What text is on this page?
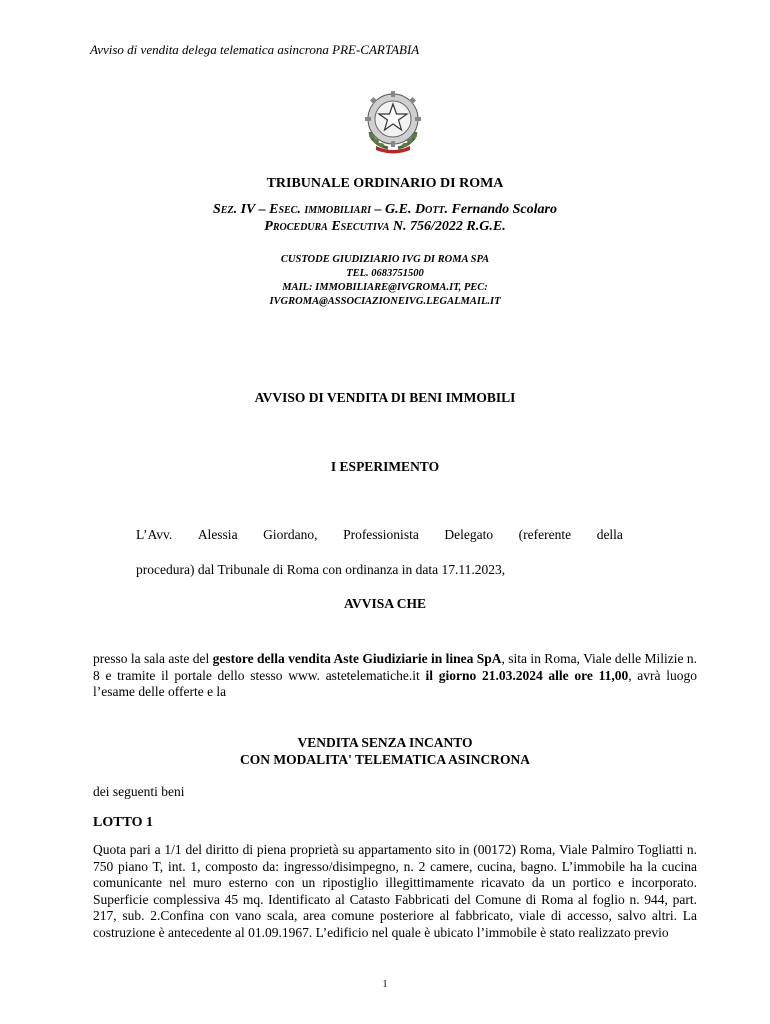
Avviso di vendita delega telematica asincrona PRE-CARTABIA
TRIBUNALE ORDINARIO DI ROMA
Sez. IV – Esec. immobiliari – G.E. Dott. Fernando Scolaro
Procedura Esecutiva N. 756/2022 R.G.E.
CUSTODE GIUDIZIARIO IVG DI ROMA SPA
TEL. 0683751500
MAIL: IMMOBILIARE@IVGROMA.IT, PEC:
IVGROMA@ASSOCIAZIONEIVG.LEGALMAIL.IT
AVVISO DI VENDITA DI BENI IMMOBILI
I ESPERIMENTO
L’Avv. Alessia Giordano, Professionista Delegato (referente della
procedura) dal Tribunale di Roma con ordinanza in data 17.11.2023,
AVVISA CHE
presso la sala aste del gestore della vendita Aste Giudiziarie in linea SpA, sita in Roma, Viale delle Milizie n. 8 e tramite il portale dello stesso www. astetelematiche.it il giorno 21.03.2024 alle ore 11,00, avrà luogo l’esame delle offerte e la
VENDITA SENZA INCANTO
CON MODALITA' TELEMATICA ASINCRONA
dei seguenti beni
LOTTO 1
Quota pari a 1/1 del diritto di piena proprietà su appartamento sito in (00172) Roma, Viale Palmiro Togliatti n. 750 piano T, int. 1, composto da: ingresso/disimpegno, n. 2 camere, cucina, bagno. L’immobile ha la cucina comunicante nel muro esterno con un ripostiglio illegittimamente ricavato da un portico e incorporato. Superficie complessiva 45 mq. Identificato al Catasto Fabbricati del Comune di Roma al foglio n. 944, part. 217, sub. 2.Confina con vano scala, area comune posteriore al fabbricato, viale di accesso, salvo altri. La costruzione è antecedente al 01.09.1967. L’edificio nel quale è ubicato l’immobile è stato realizzato previo
1
